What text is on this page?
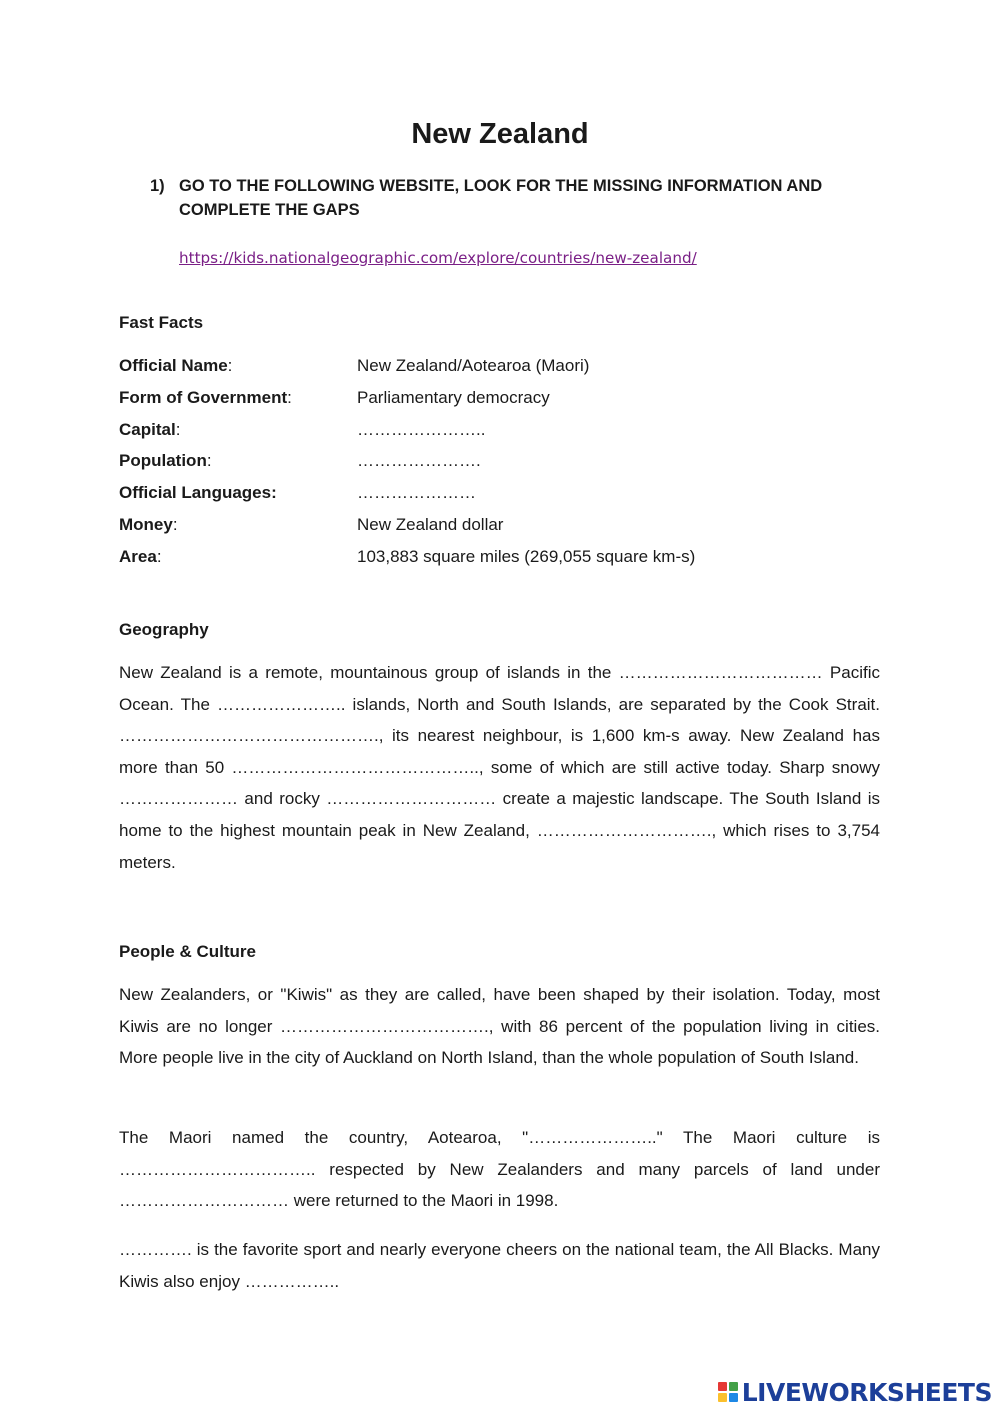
New Zealand
1) GO TO THE FOLLOWING WEBSITE, LOOK FOR THE MISSING INFORMATION AND COMPLETE THE GAPS
https://kids.nationalgeographic.com/explore/countries/new-zealand/
Fast Facts
Official Name:	New Zealand/Aotearoa (Maori)
Form of Government:	Parliamentary democracy
Capital:	…………………..
Population:	………………….
Official Languages:	…………………
Money:	New Zealand dollar
Area:	103,883 square miles (269,055 square km-s)
Geography

New Zealand is a remote, mountainous group of islands in the ……………………………… Pacific Ocean. The ………………….. islands, North and South Islands, are separated by the Cook Strait. ………………………………………., its nearest neighbour, is 1,600 km-s away. New Zealand has more than 50 …………………………………….., some of which are still active today. Sharp snowy ………………… and rocky ………………………… create a majestic landscape. The South Island is home to the highest mountain peak in New Zealand, …………………………., which rises to 3,754 meters.

People & Culture

New Zealanders, or "Kiwis" as they are called, have been shaped by their isolation. Today, most Kiwis are no longer ………………………………., with 86 percent of the population living in cities. More people live in the city of Auckland on North Island, than the whole population of South Island.

The Maori named the country, Aotearoa, "………………….." The Maori culture is …………………………….. respected by New Zealanders and many parcels of land under ………………………… were returned to the Maori in 1998.

…………. is the favorite sport and nearly everyone cheers on the national team, the All Blacks. Many Kiwis also enjoy ……………..

LIVEWORKSHEETS
